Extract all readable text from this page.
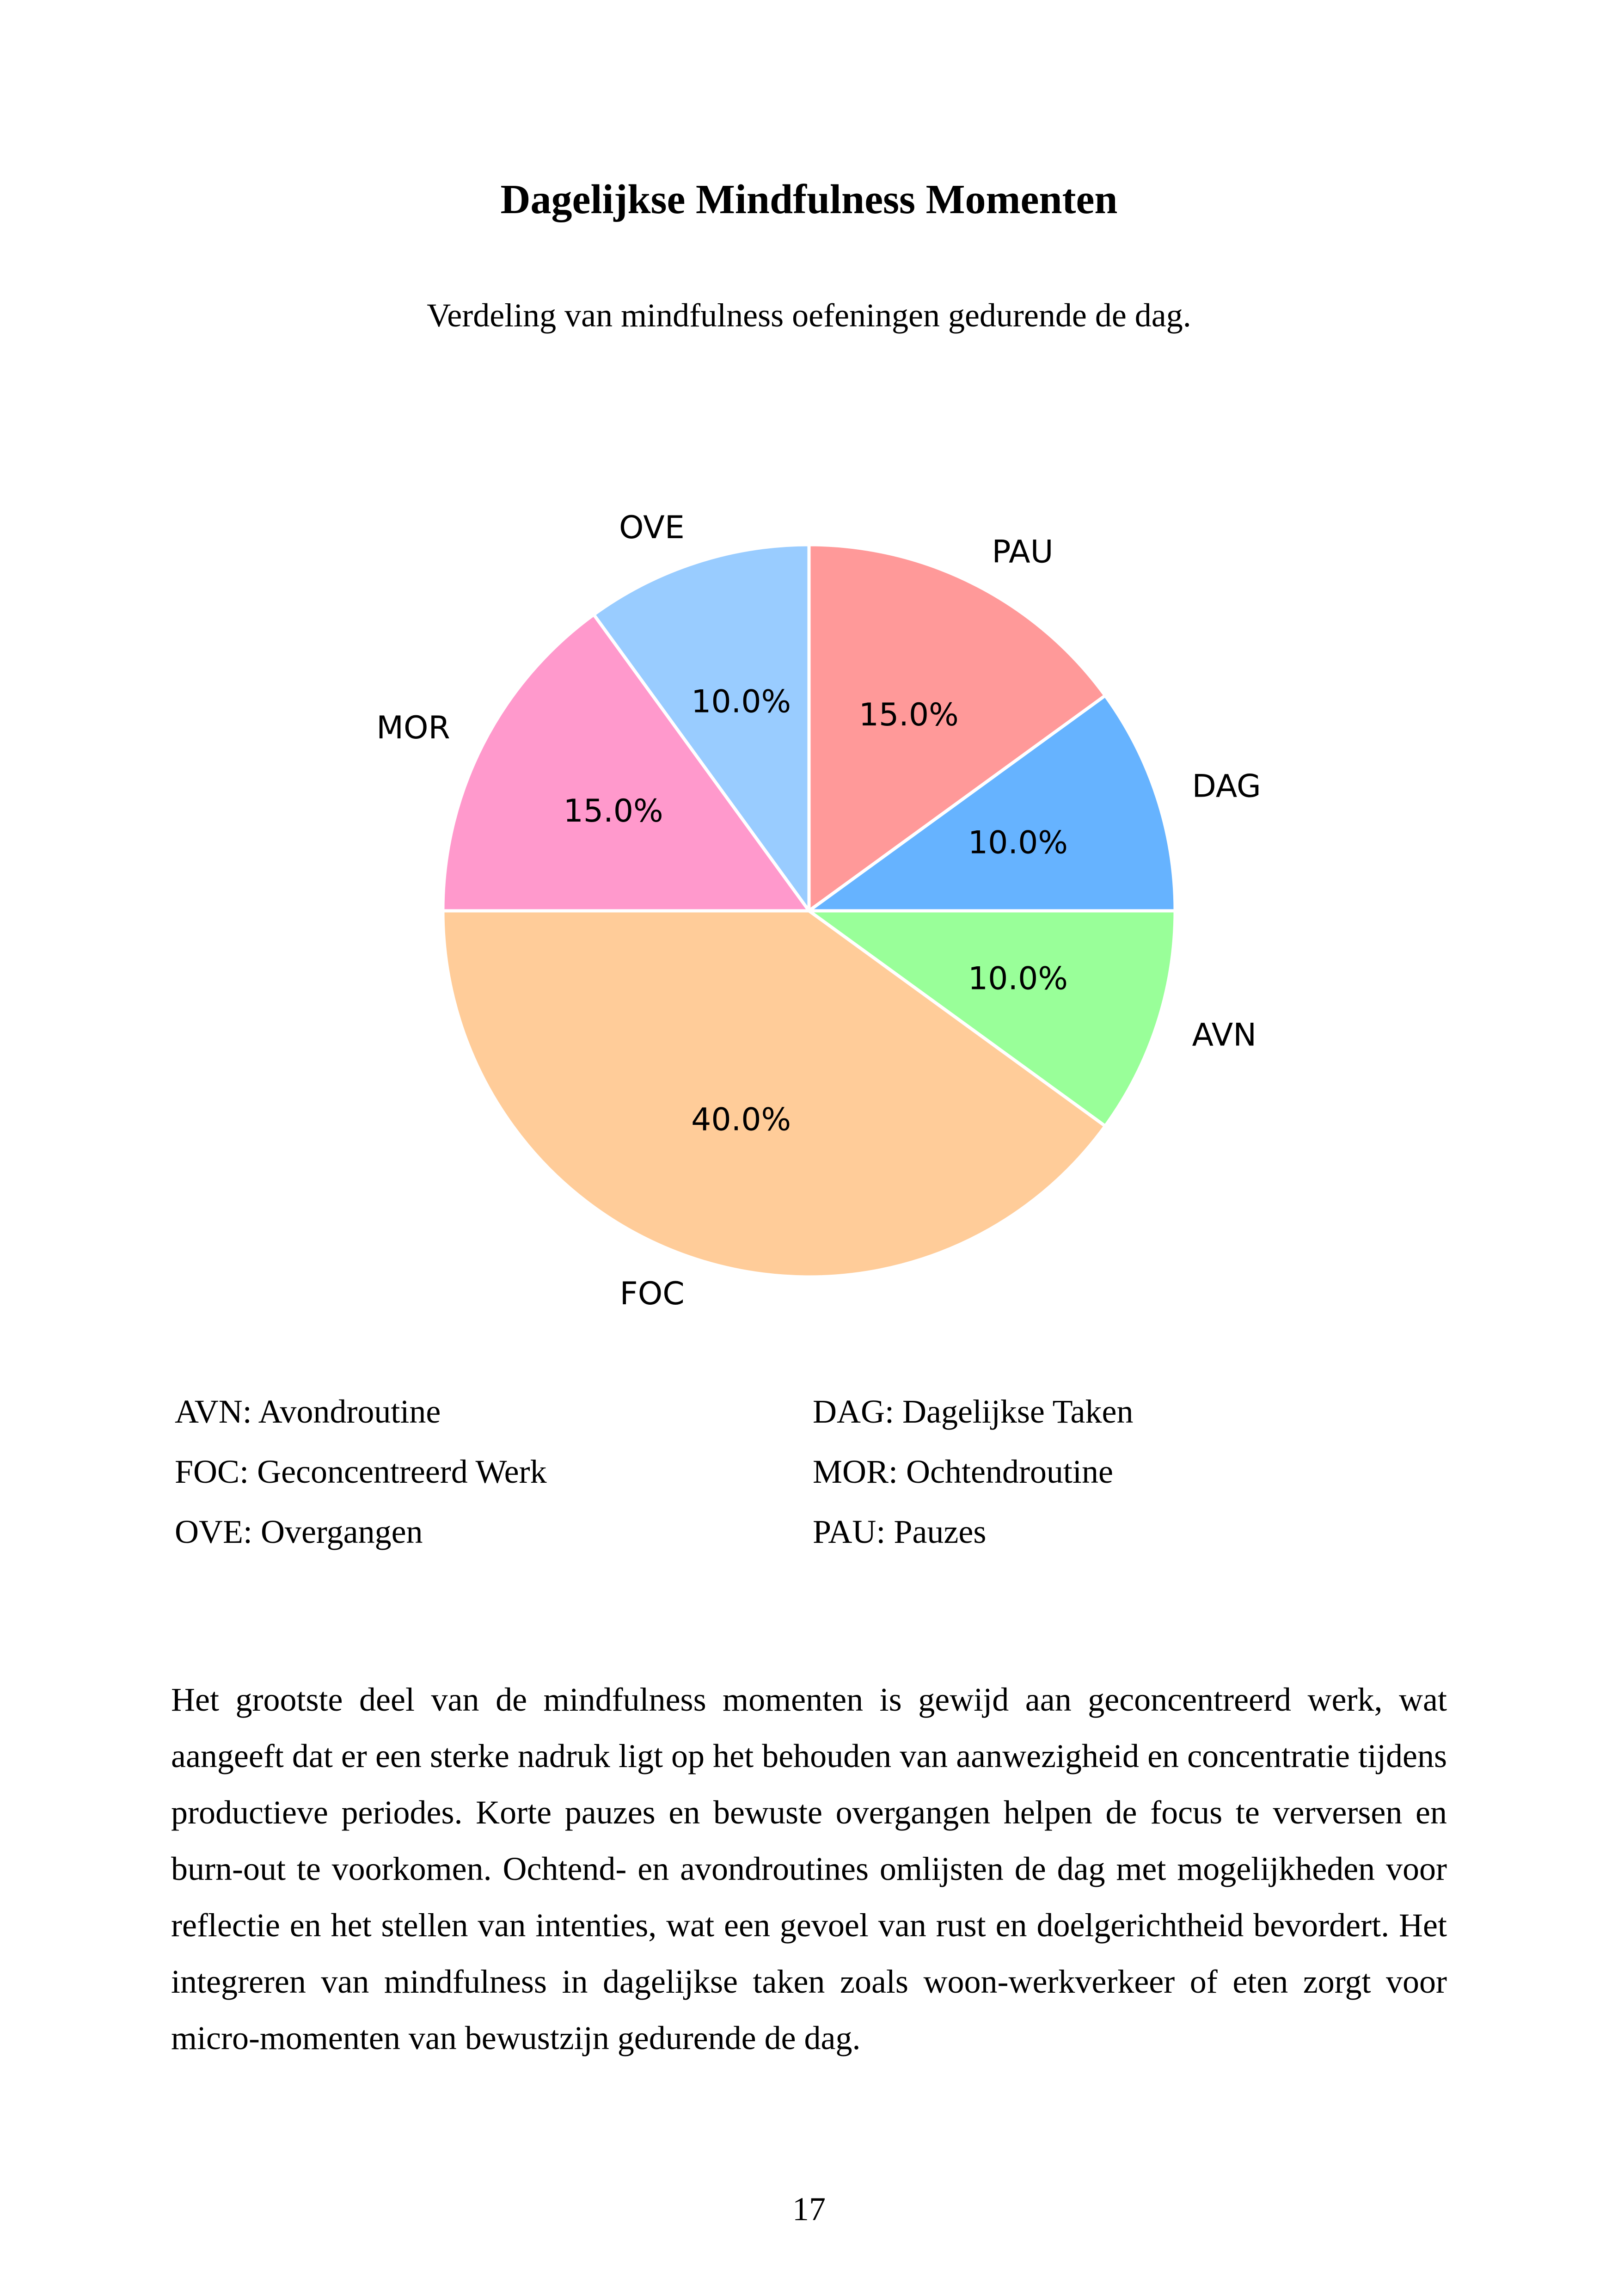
Dagelijkse Mindfulness Momenten
Verdeling van mindfulness oefeningen gedurende de dag.
15.0%
PAU
10.0%
DAG
10.0%
AVN
40.0%
FOC
15.0%
MOR
10.0%
OVE
AVN: Avondroutine	DAG: Dagelijkse Taken
FOC: Geconcentreerd Werk	MOR: Ochtendroutine
OVE: Overgangen	PAU: Pauzes

Het grootste deel van de mindfulness momenten is gewijd aan geconcentreerd werk, wat aangeeft dat er een sterke nadruk ligt op het behouden van aanwezigheid en concentratie tijdens productieve periodes. Korte pauzes en bewuste overgangen helpen de focus te verversen en burn-out te voorkomen. Ochtend- en avondroutines omlijsten de dag met mogelijkheden voor reflectie en het stellen van intenties, wat een gevoel van rust en doelgerichtheid bevordert. Het integreren van mindfulness in dagelijkse taken zoals woon-werkverkeer of eten zorgt voor micro-momenten van bewustzijn gedurende de dag.

17
